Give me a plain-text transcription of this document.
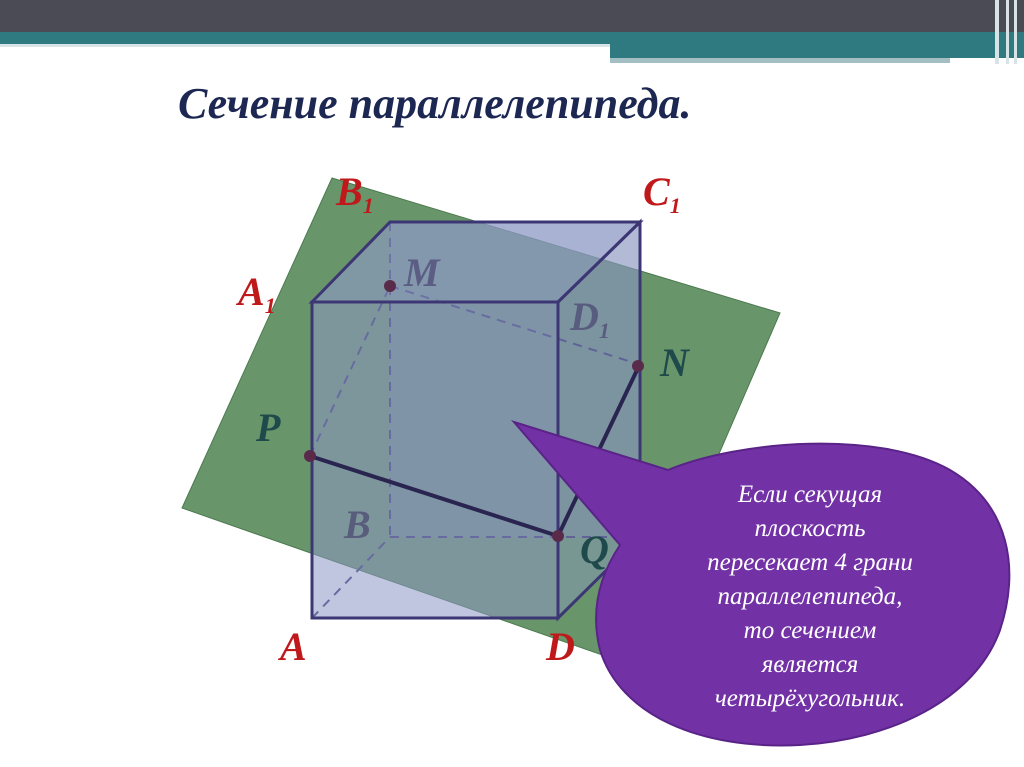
Сечение параллелепипеда.
$B_1$	$C_1$
$A_1$	$D_1$
M
B
N
P
Q
A	D
Если секущая
плоскость
пересекает 4 грани
параллелепипеда,
то сечением
является
четырёхугольник.
